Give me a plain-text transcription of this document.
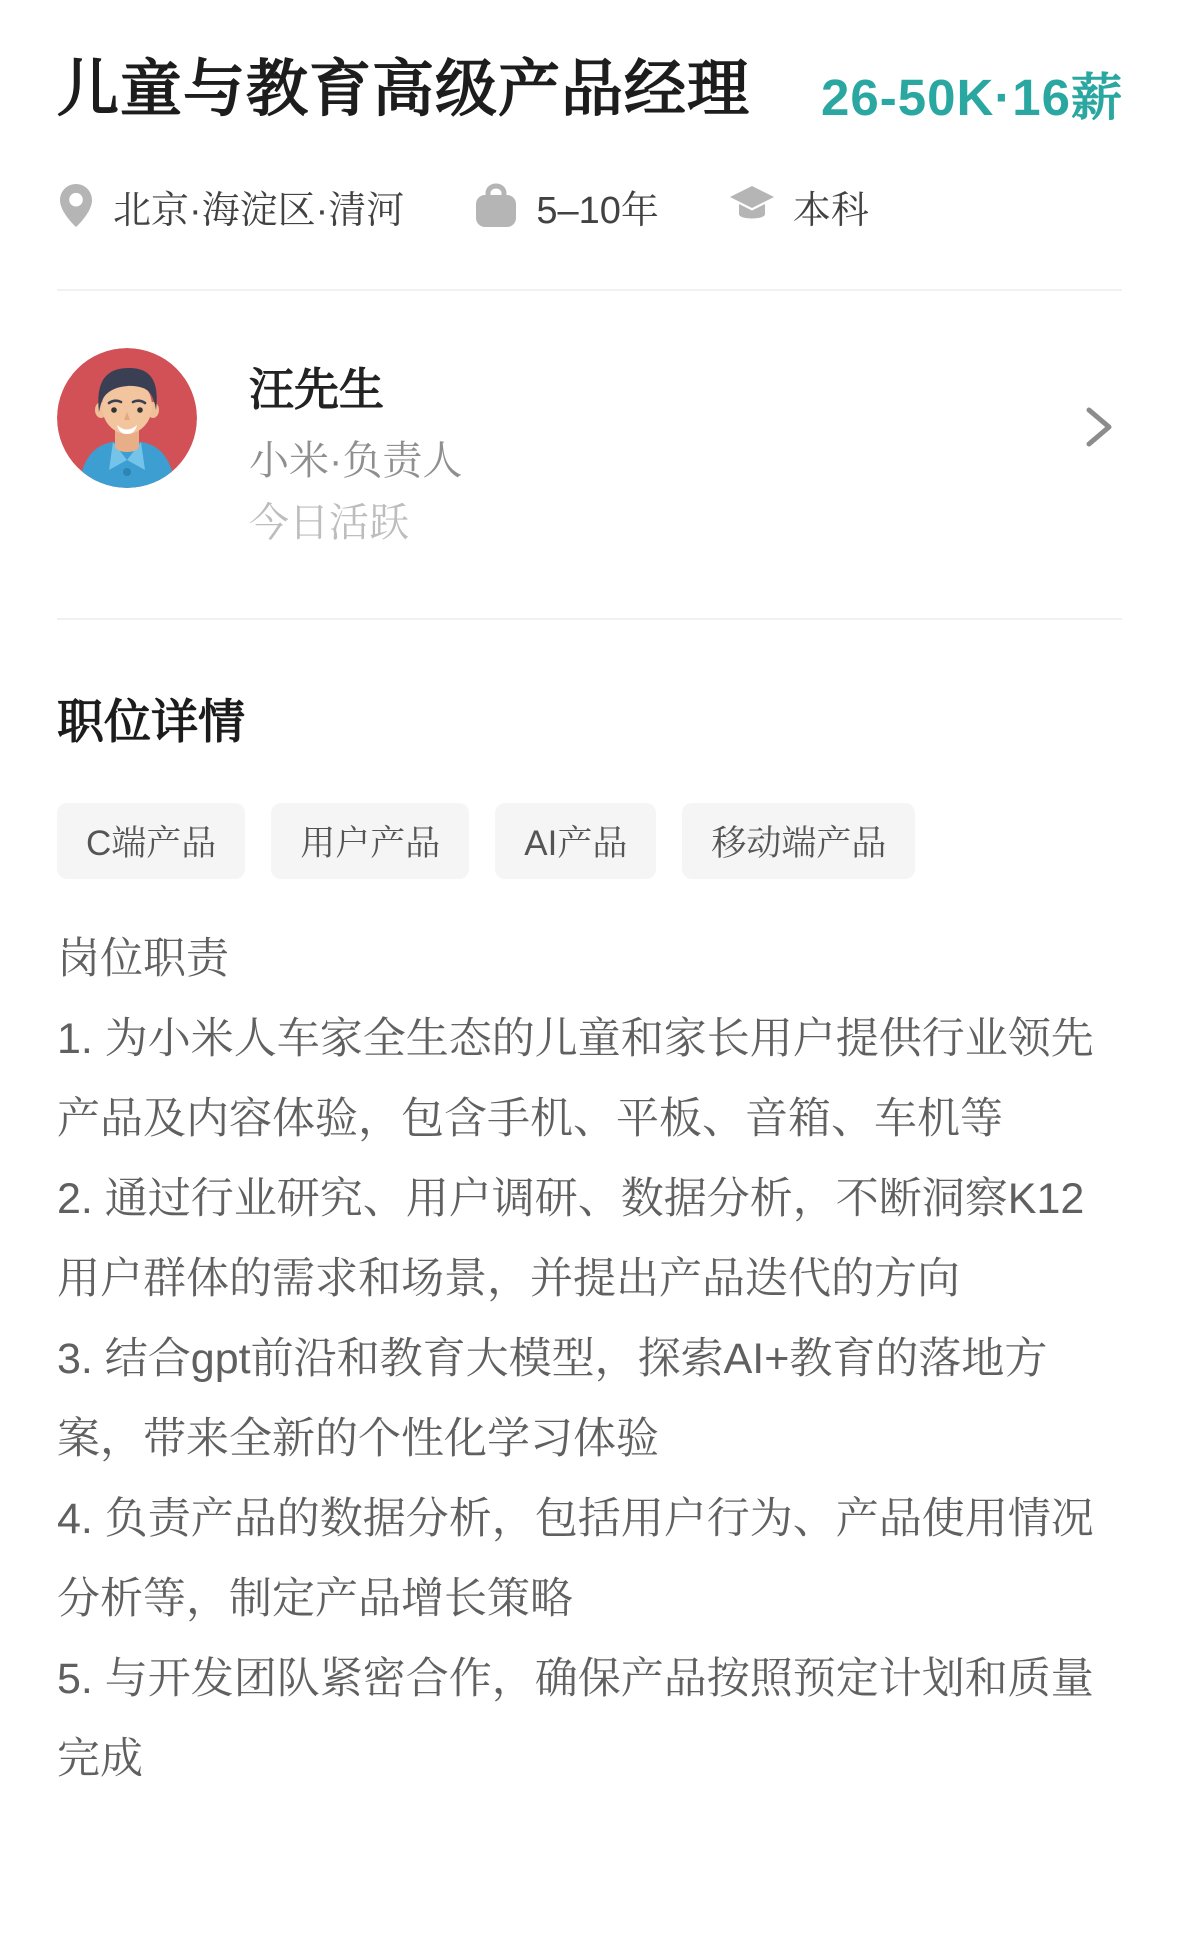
儿童与教育高级产品经理	26-50K·16薪
北京·海淀区·清河	5–10年	本科
汪先生
小米·负责人
今日活跃
职位详情
C端产品	用户产品	AI产品	移动端产品
岗位职责
1. 为小米人车家全生态的儿童和家长用户提供行业领先产品及内容体验，包含手机、平板、音箱、车机等
2. 通过行业研究、用户调研、数据分析，不断洞察K12用户群体的需求和场景，并提出产品迭代的方向
3. 结合gpt前沿和教育大模型，探索AI+教育的落地方案，带来全新的个性化学习体验
4. 负责产品的数据分析，包括用户行为、产品使用情况分析等，制定产品增长策略
5. 与开发团队紧密合作，确保产品按照预定计划和质量完成
